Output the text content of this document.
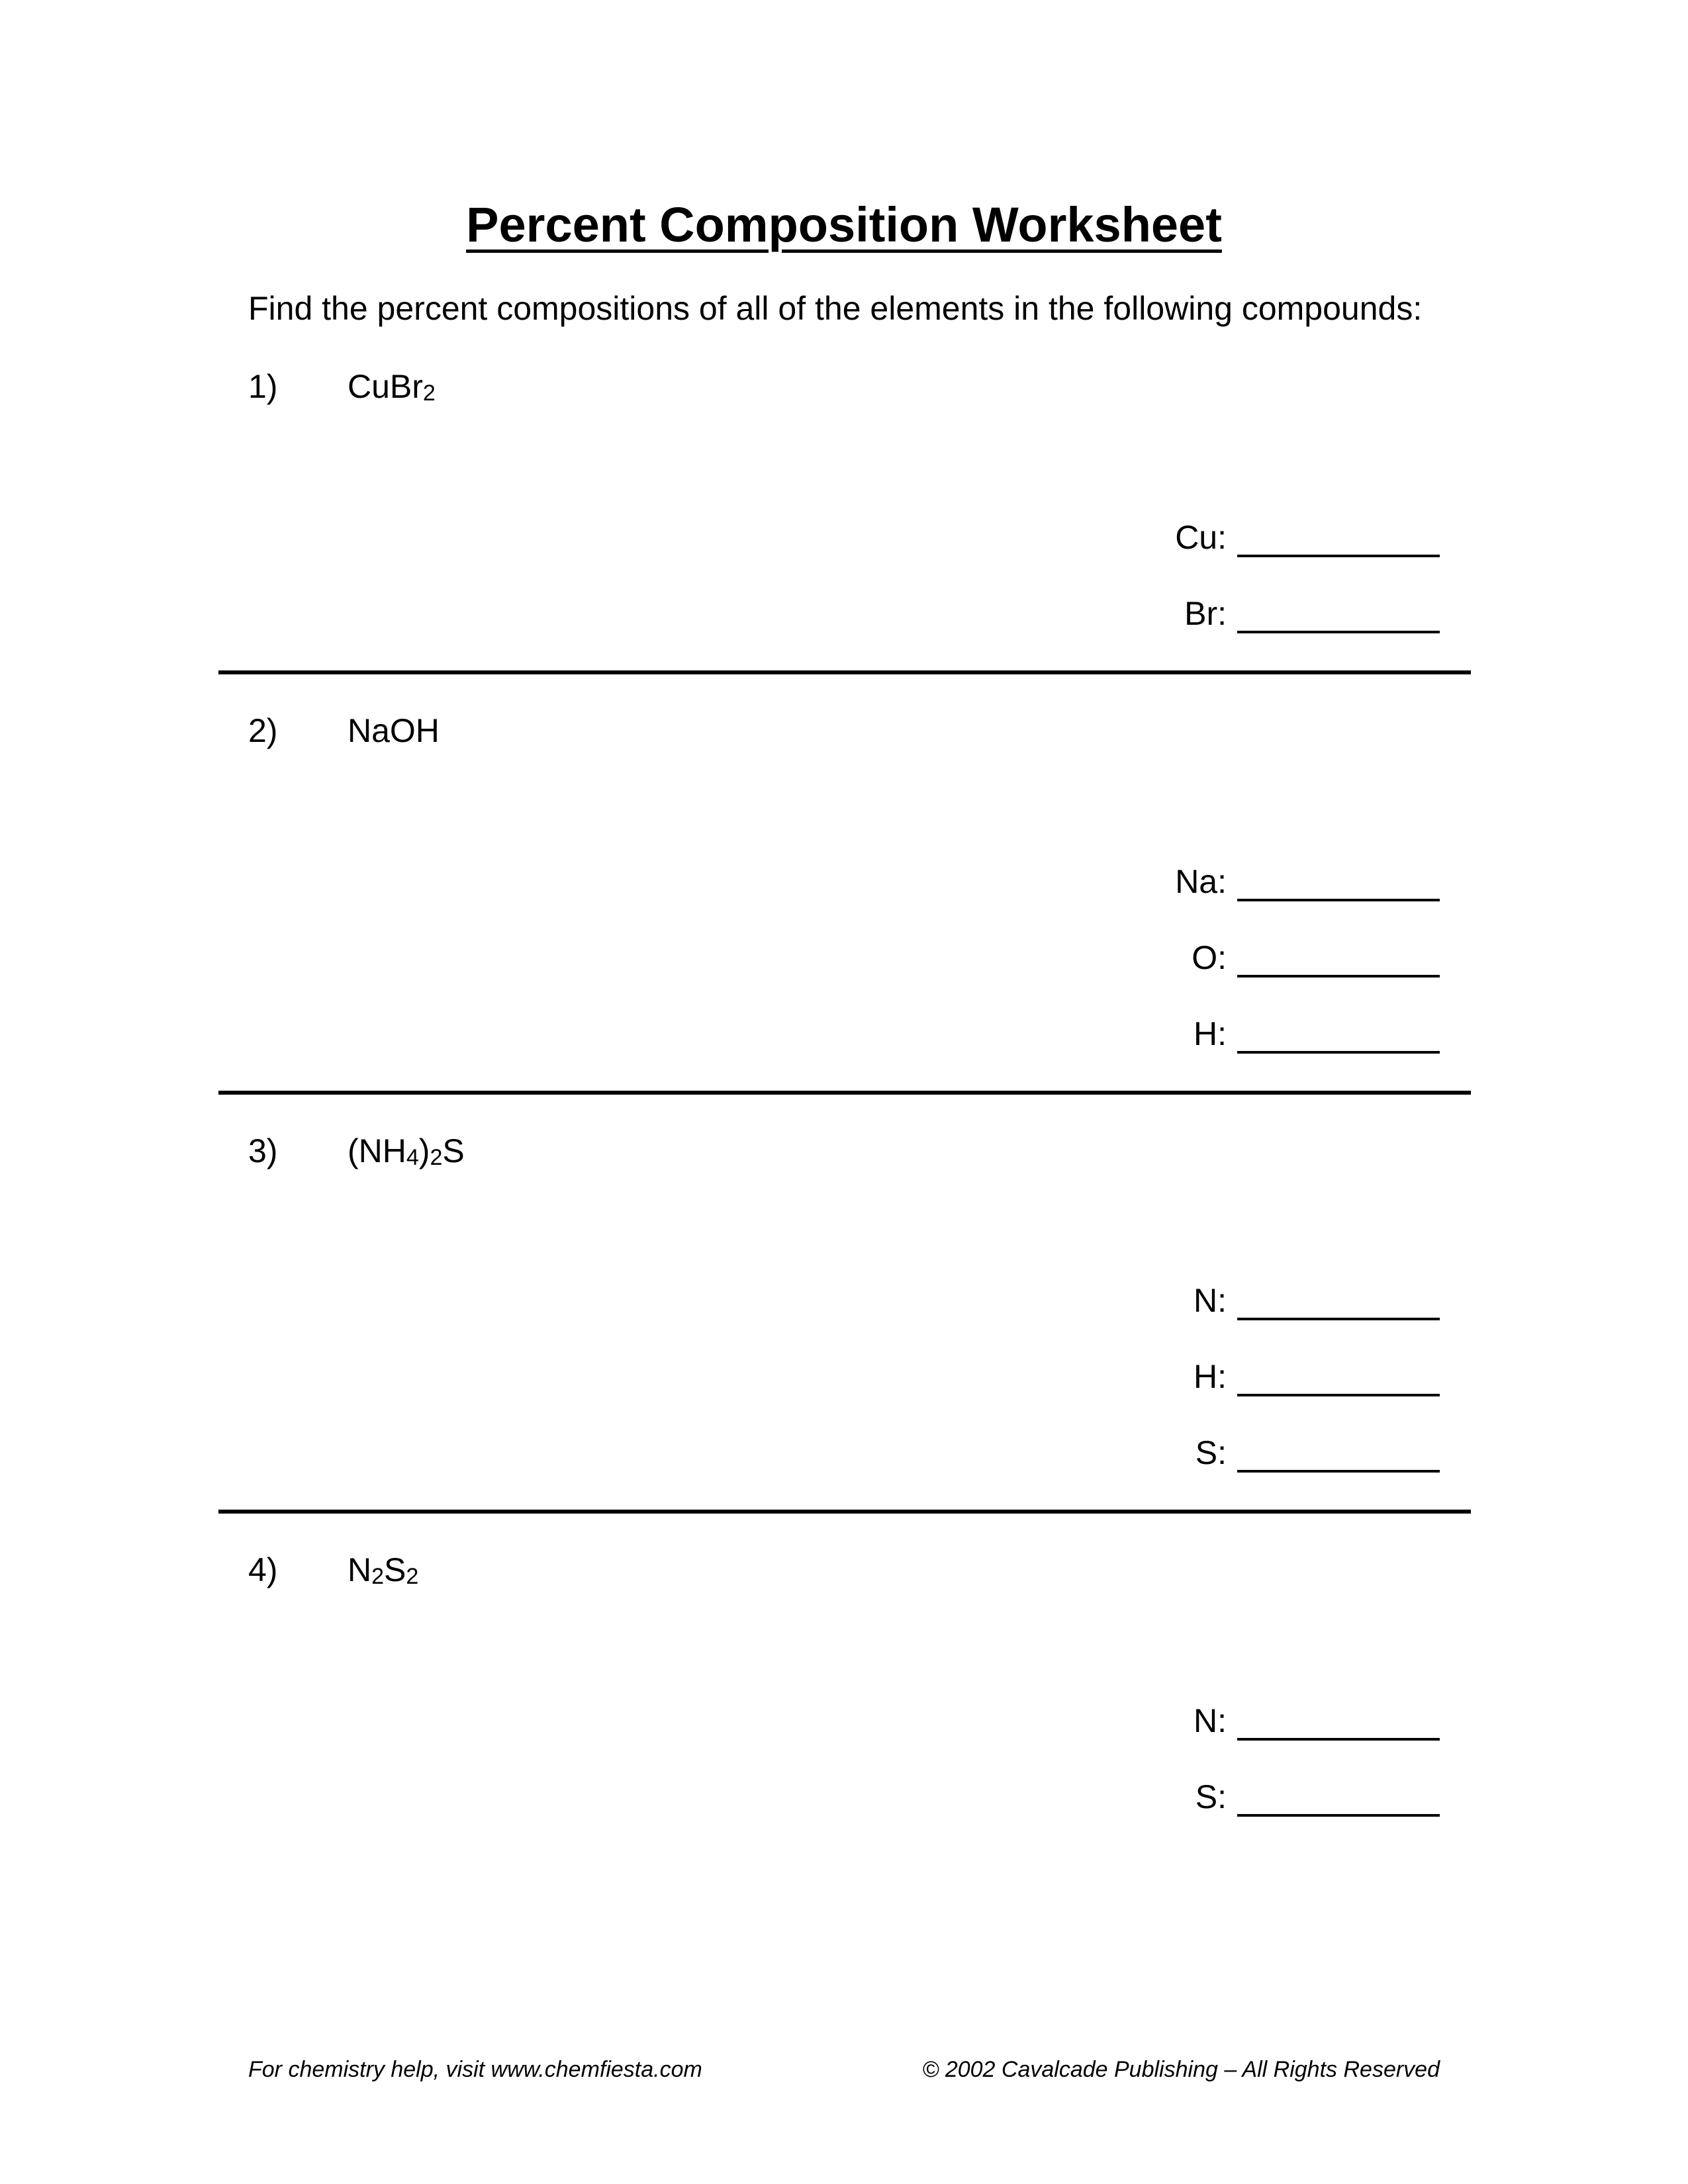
Percent Composition Worksheet
Find the percent compositions of all of the elements in the following compounds:
1) CuBr$_2$
Cu:
Br:
2) NaOH
Na:
O:
H:
3) $(NH_4)_2S$
N:
H:
S:
4) $N_2S_2$
N:
S:
For chemistry help, visit www.chemfiesta.com	© 2002 Cavalcade Publishing – All Rights Reserved
